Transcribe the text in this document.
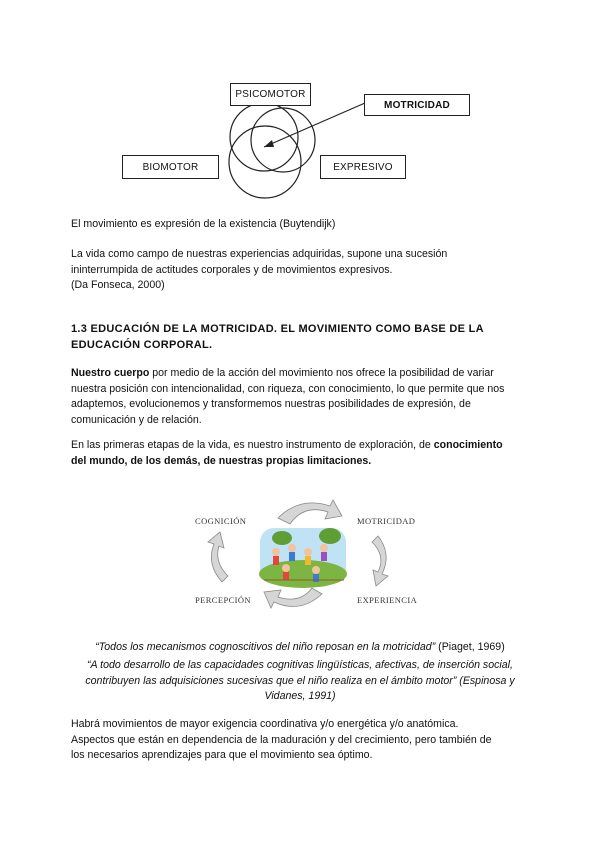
PSICOMOTOR
MOTRICIDAD
BIOMOTOR	EXPRESIVO

El movimiento es expresión de la existencia (Buytendijk)

La vida como campo de nuestras experiencias adquiridas, supone una sucesión

ininterrumpida de actitudes corporales y de movimientos expresivos.

(Da Fonseca, 2000)

1.3 EDUCACIÓN DE LA MOTRICIDAD. EL MOVIMIENTO COMO BASE DE LA
EDUCACIÓN CORPORAL.

Nuestro cuerpo por medio de la acción del movimiento nos ofrece la posibilidad de variar

nuestra posición con intencionalidad, con riqueza, con conocimiento, lo que permite que nos

adaptemos, evolucionemos y transformemos nuestras posibilidades de expresión, de

comunicación y de relación.

En las primeras etapas de la vida, es nuestro instrumento de exploración, de conocimiento

del mundo, de los demás, de nuestras propias limitaciones.

COGNICIÓN	MOTRICIDAD
PERCEPCIÓN	EXPERIENCIA

“Todos los mecanismos cognoscitivos del niño reposan en la motricidad” (Piaget, 1969)

“A todo desarrollo de las capacidades cognitivas lingüísticas, afectivas, de inserción social,

contribuyen las adquisiciones sucesivas que el niño realiza en el ámbito motor” (Espinosa y

Vidanes, 1991)

Habrá movimientos de mayor exigencia coordinativa y/o energética y/o anatómica.

Aspectos que están en dependencia de la maduración y del crecimiento, pero también de

los necesarios aprendizajes para que el movimiento sea óptimo.
